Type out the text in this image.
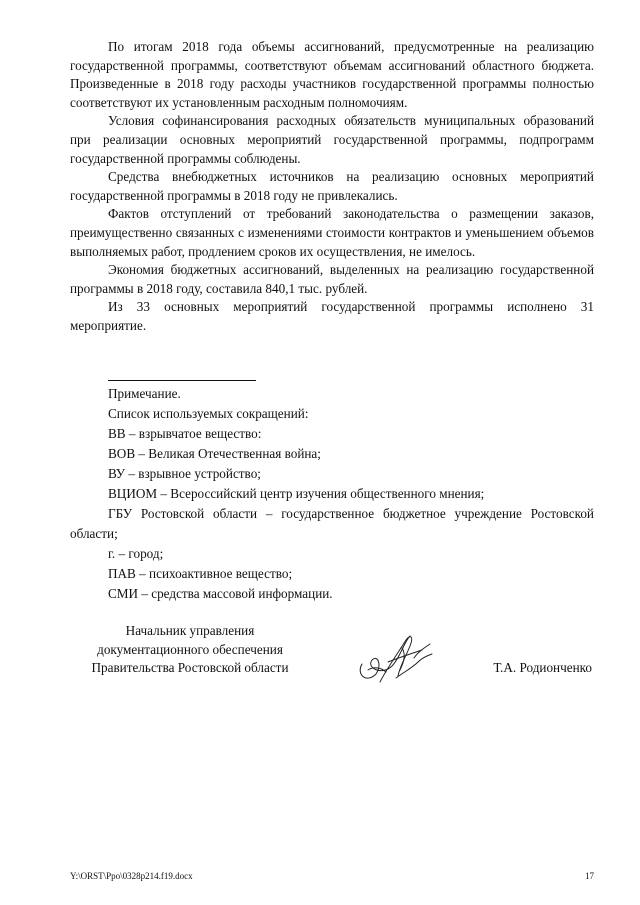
По итогам 2018 года объемы ассигнований, предусмотренные на реализацию государственной программы, соответствуют объемам ассигнований областного бюджета. Произведенные в 2018 году расходы участников государственной программы полностью соответствуют их установленным расходным полномочиям.

Условия софинансирования расходных обязательств муниципальных образований при реализации основных мероприятий государственной программы, подпрограмм государственной программы соблюдены.

Средства внебюджетных источников на реализацию основных мероприятий государственной программы в 2018 году не привлекались.

Фактов отступлений от требований законодательства о размещении заказов, преимущественно связанных с изменениями стоимости контрактов и уменьшением объемов выполняемых работ, продлением сроков их осуществления, не имелось.

Экономия бюджетных ассигнований, выделенных на реализацию государственной программы в 2018 году, составила 840,1 тыс. рублей.

Из 33 основных мероприятий государственной программы исполнено 31 мероприятие.

Примечание.

Список используемых сокращений:

ВВ – взрывчатое вещество:

ВОВ – Великая Отечественная война;

ВУ – взрывное устройство;

ВЦИОМ – Всероссийский центр изучения общественного мнения;

ГБУ Ростовской области – государственное бюджетное учреждение Ростовской области;

г. – город;

ПАВ – психоактивное вещество;

СМИ – средства массовой информации.

Начальник управления
документационного обеспечения
Правительства Ростовской области	Т.А. Родионченко
Y:\ORST\Ppo\0328p214.f19.docx	17
